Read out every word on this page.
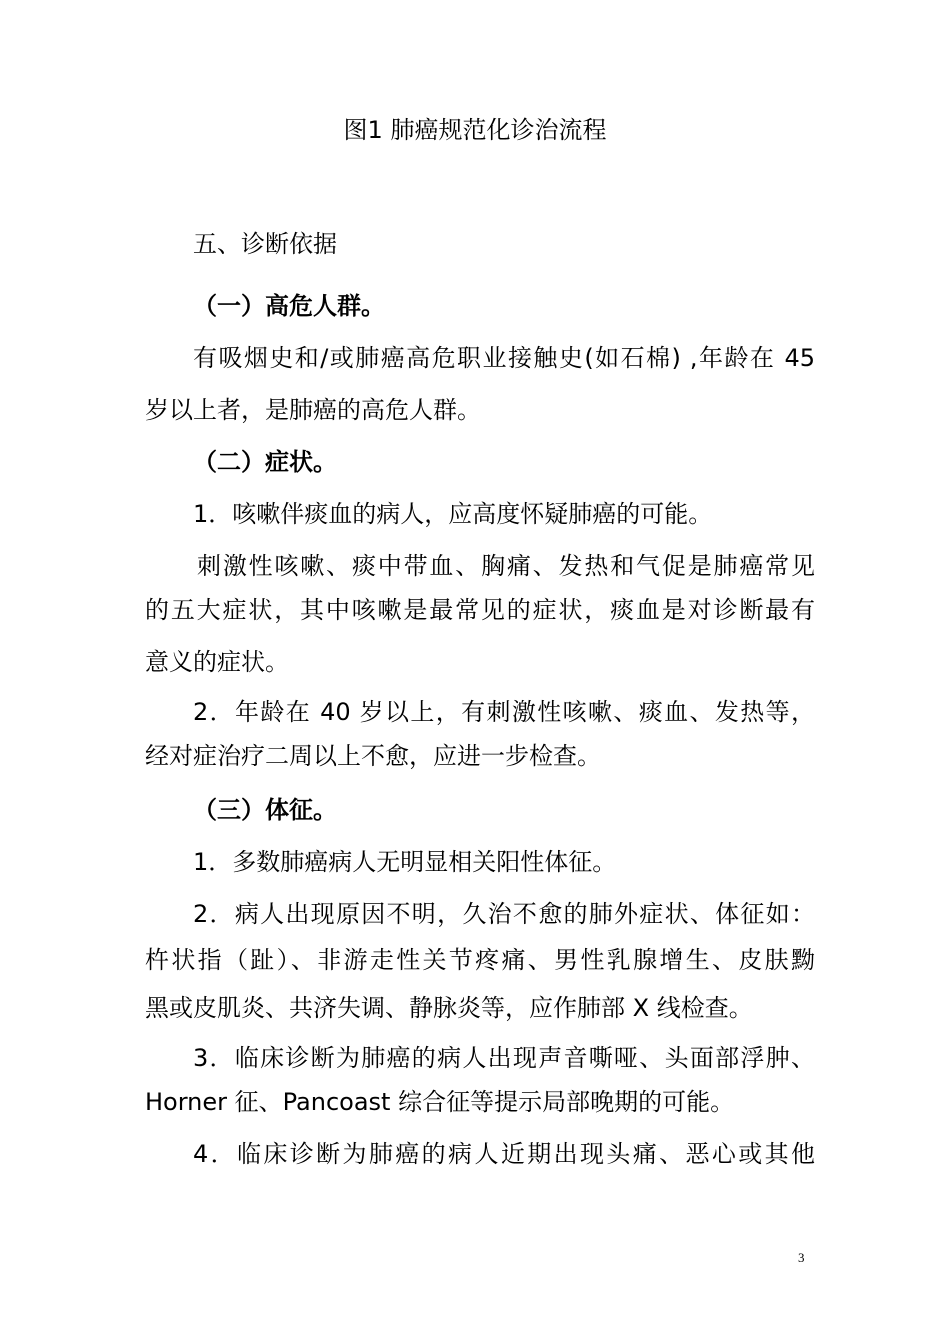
图1 肺癌规范化诊治流程
五、诊断依据
（一）高危人群。
有吸烟史和/或肺癌高危职业接触史(如石棉) ,年龄在 45
岁以上者，是肺癌的高危人群。
（二）症状。
1．咳嗽伴痰血的病人，应高度怀疑肺癌的可能。
刺激性咳嗽、痰中带血、胸痛、发热和气促是肺癌常见
的五大症状，其中咳嗽是最常见的症状，痰血是对诊断最有
意义的症状。
2．年龄在 40 岁以上，有刺激性咳嗽、痰血、发热等，
经对症治疗二周以上不愈，应进一步检查。
（三）体征。
1．多数肺癌病人无明显相关阳性体征。
2．病人出现原因不明，久治不愈的肺外症状、体征如：
杵状指（趾）、非游走性关节疼痛、男性乳腺增生、皮肤黝
黑或皮肌炎、共济失调、静脉炎等，应作肺部 X 线检查。
3．临床诊断为肺癌的病人出现声音嘶哑、头面部浮肿、
Horner 征、Pancoast 综合征等提示局部晚期的可能。
4．临床诊断为肺癌的病人近期出现头痛、恶心或其他
3
